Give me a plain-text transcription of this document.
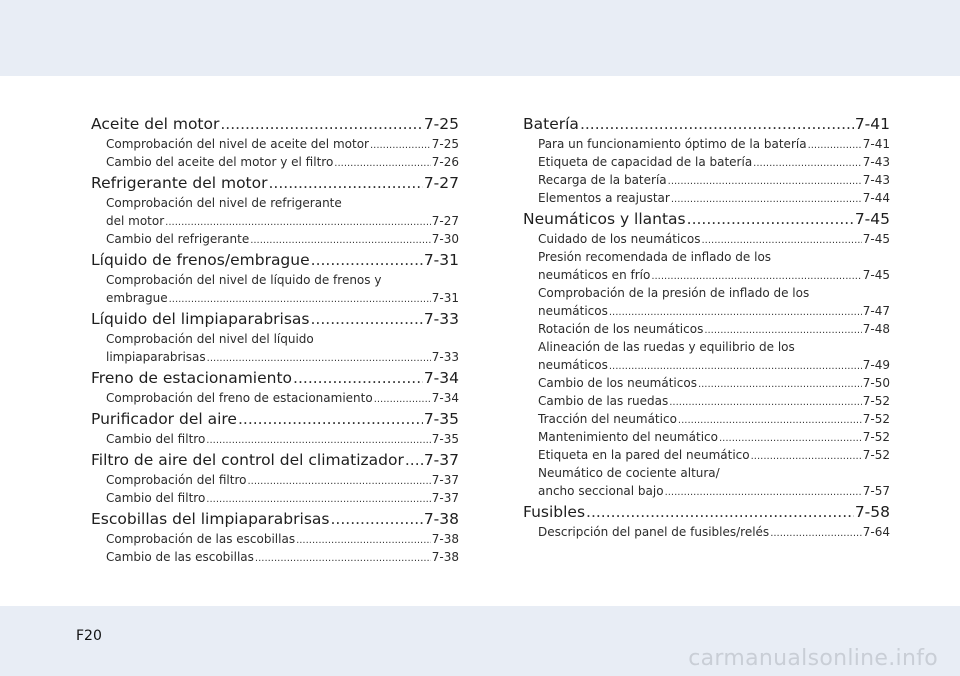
Aceite del motor .....	7-25
Comprobación del nivel de aceite del motor .....	7-25
Cambio del aceite del motor y el filtro .....	7-26
Refrigerante del motor .....	7-27
Comprobación del nivel de refrigerante
del motor .....	7-27
Cambio del refrigerante .....	7-30
Líquido de frenos/embrague .....	7-31
Comprobación del nivel de líquido de frenos y
embrague .....	7-31
Líquido del limpiaparabrisas .....	7-33
Comprobación del nivel del líquido
limpiaparabrisas .....	7-33
Freno de estacionamiento .....	7-34
Comprobación del freno de estacionamiento .....	7-34
Purificador del aire .....	7-35
Cambio del filtro .....	7-35
Filtro de aire del control del climatizador ..... 7-37
Comprobación del filtro .....	7-37
Cambio del filtro .....	7-37
Escobillas del limpiaparabrisas .....	7-38
Comprobación de las escobillas .....	7-38
Cambio de las escobillas .....	7-38
Batería .....	7-41
Para un funcionamiento óptimo de la batería .....	7-41
Etiqueta de capacidad de la batería .....	7-43
Recarga de la batería .....	7-43
Elementos a reajustar .....	7-44
Neumáticos y llantas .....	7-45
Cuidado de los neumáticos .....	7-45
Presión recomendada de inflado de los
neumáticos en frío .....	7-45
Comprobación de la presión de inflado de los
neumáticos .....	7-47
Rotación de los neumáticos .....	7-48
Alineación de las ruedas y equilibrio de los
neumáticos .....	7-49
Cambio de los neumáticos .....	7-50
Cambio de las ruedas .....	7-52
Tracción del neumático .....	7-52
Mantenimiento del neumático .....	7-52
Etiqueta en la pared del neumático .....	7-52
Neumático de cociente altura/
ancho seccional bajo .....	7-57
Fusibles .....	7-58
Descripción del panel de fusibles/relés .....	7-64
F20
carmanualsonline.info
